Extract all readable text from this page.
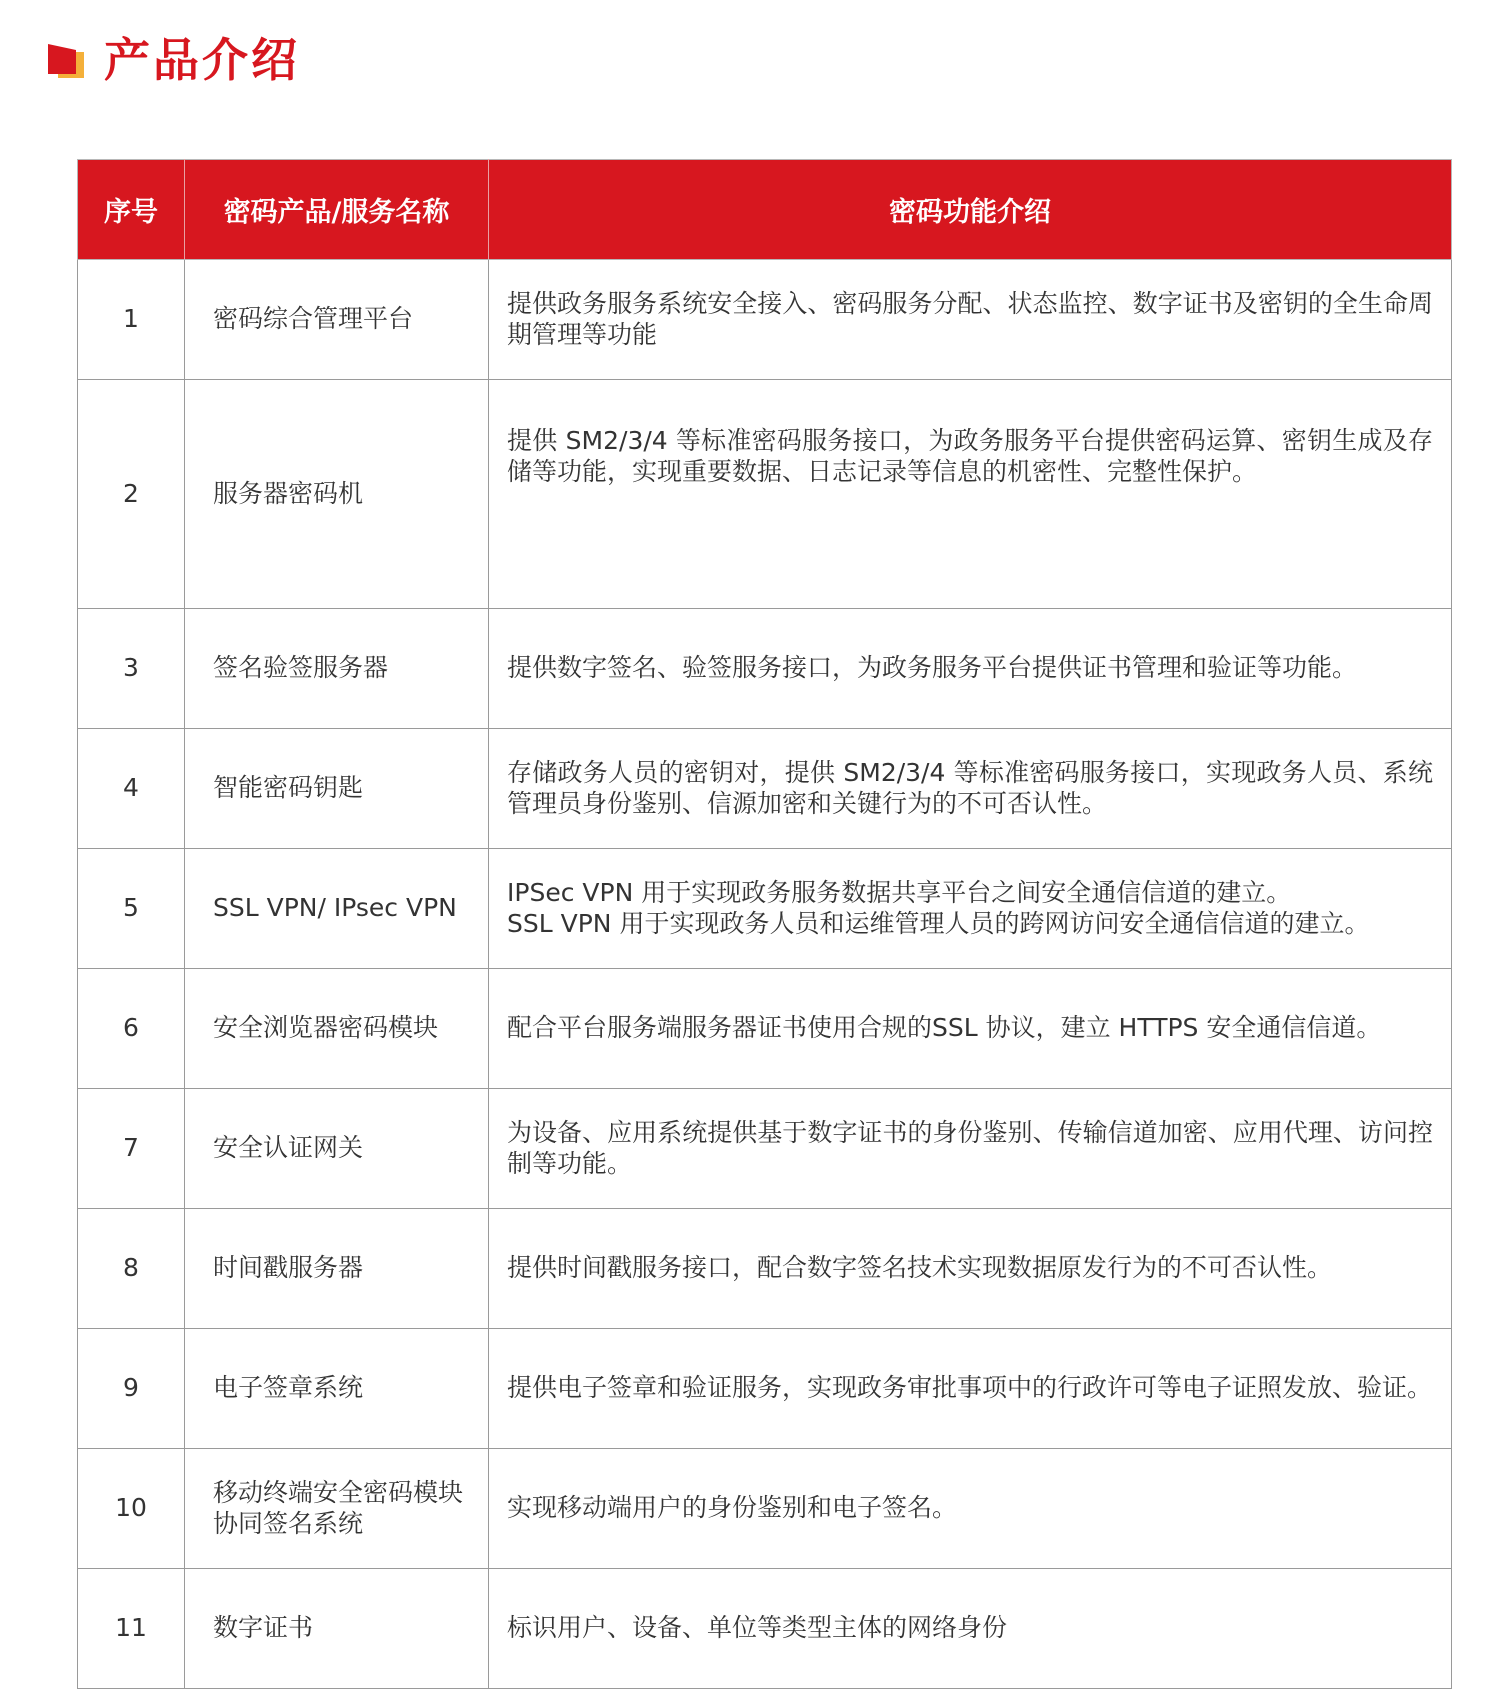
产品介绍
序号	密码产品/服务名称	密码功能介绍
1	密码综合管理平台	提供政务服务系统安全接入、密码服务分配、状态监控、数字证书及密钥的全生命周期管理等功能

2	服务器密码机	提供 SM2/3/4 等标准密码服务接口，为政务服务平台提供密码运算、密钥生成及存储等功能，实现重要数据、日志记录等信息的机密性、完整性保护。

3	签名验签服务器	提供数字签名、验签服务接口，为政务服务平台提供证书管理和验证等功能。

4	智能密码钥匙	存储政务人员的密钥对，提供 SM2/3/4 等标准密码服务接口，实现政务人员、系统管理员身份鉴别、信源加密和关键行为的不可否认性。

5	SSL VPN/ IPsec VPN	IPSec VPN 用于实现政务服务数据共享平台之间安全通信信道的建立。
SSL VPN 用于实现政务人员和运维管理人员的跨网访问安全通信信道的建立。

6	安全浏览器密码模块	配合平台服务端服务器证书使用合规的SSL 协议，建立 HTTPS 安全通信信道。

7	安全认证网关	为设备、应用系统提供基于数字证书的身份鉴别、传输信道加密、应用代理、访问控制等功能。

8	时间戳服务器	提供时间戳服务接口，配合数字签名技术实现数据原发行为的不可否认性。

9	电子签章系统	提供电子签章和验证服务，实现政务审批事项中的行政许可等电子证照发放、验证。

10	移动终端安全密码模块协同签名系统	实现移动端用户的身份鉴别和电子签名。

11	数字证书	标识用户、设备、单位等类型主体的网络身份
